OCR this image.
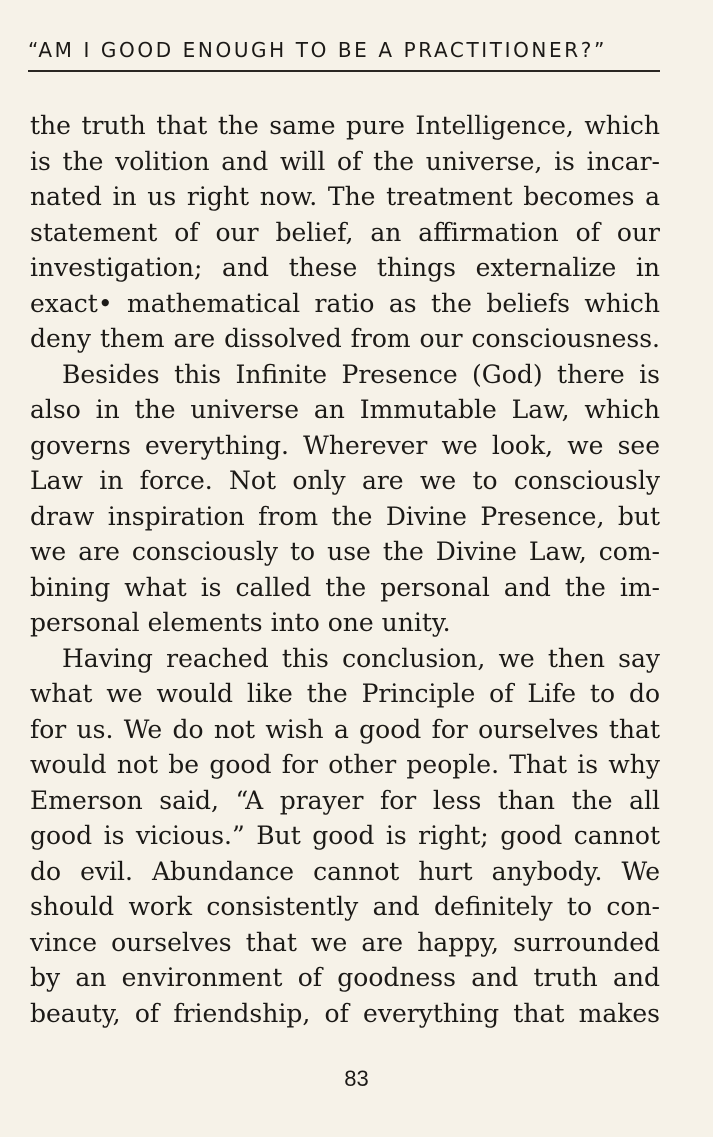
“AM I GOOD ENOUGH TO BE A PRACTITIONER?”
the truth that the same pure Intelligence, which
is the volition and will of the universe, is incar-
nated in us right now. The treatment becomes a
statement of our belief, an affirmation of our
investigation; and these things externalize in
exact• mathematical ratio as the beliefs which
deny them are dissolved from our consciousness.
Besides this Infinite Presence (God) there is
also in the universe an Immutable Law, which
governs everything. Wherever we look, we see
Law in force. Not only are we to consciously
draw inspiration from the Divine Presence, but
we are consciously to use the Divine Law, com-
bining what is called the personal and the im-
personal elements into one unity.
Having reached this conclusion, we then say
what we would like the Principle of Life to do
for us. We do not wish a good for ourselves that
would not be good for other people. That is why
Emerson said, “A prayer for less than the all
good is vicious.” But good is right; good cannot
do evil. Abundance cannot hurt anybody. We
should work consistently and definitely to con-
vince ourselves that we are happy, surrounded
by an environment of goodness and truth and
beauty, of friendship, of everything that makes
83
